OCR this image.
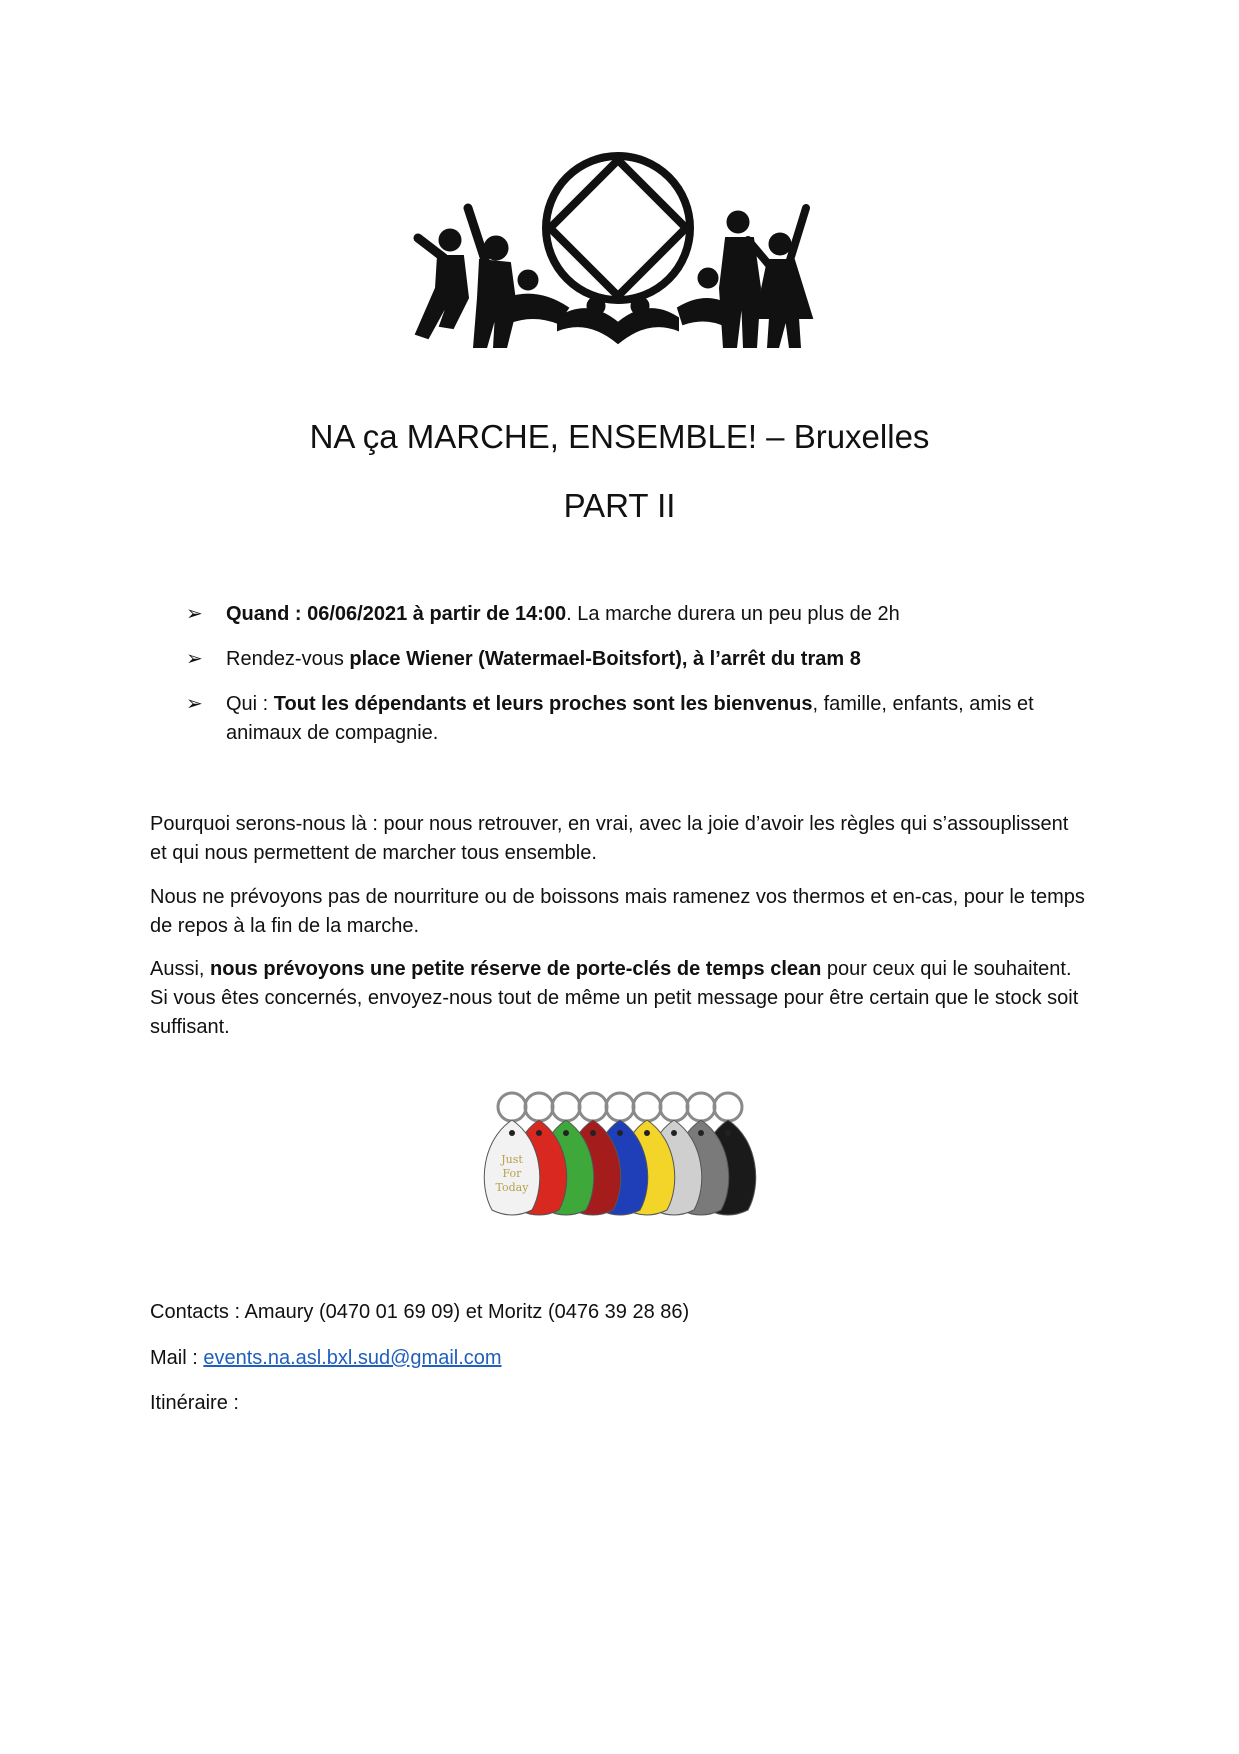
NA ça MARCHE, ENSEMBLE! – Bruxelles
PART II
➢ Quand : 06/06/2021 à partir de 14:00. La marche durera un peu plus de 2h
➢ Rendez-vous place Wiener (Watermael-Boitsfort), à l’arrêt du tram 8
➢ Qui : Tout les dépendants et leurs proches sont les bienvenus, famille, enfants, amis et animaux de compagnie.

Pourquoi serons-nous là : pour nous retrouver, en vrai, avec la joie d’avoir les règles qui s’assouplissent et qui nous permettent de marcher tous ensemble.

Nous ne prévoyons pas de nourriture ou de boissons mais ramenez vos thermos et en-cas, pour le temps de repos à la fin de la marche.

Aussi, nous prévoyons une petite réserve de porte-clés de temps clean pour ceux qui le souhaitent. Si vous êtes concernés, envoyez-nous tout de même un petit message pour être certain que le stock soit suffisant.

Just
For
Today

Contacts : Amaury (0470 01 69 09) et Moritz (0476 39 28 86)

Mail : events.na.asl.bxl.sud@gmail.com

Itinéraire :
